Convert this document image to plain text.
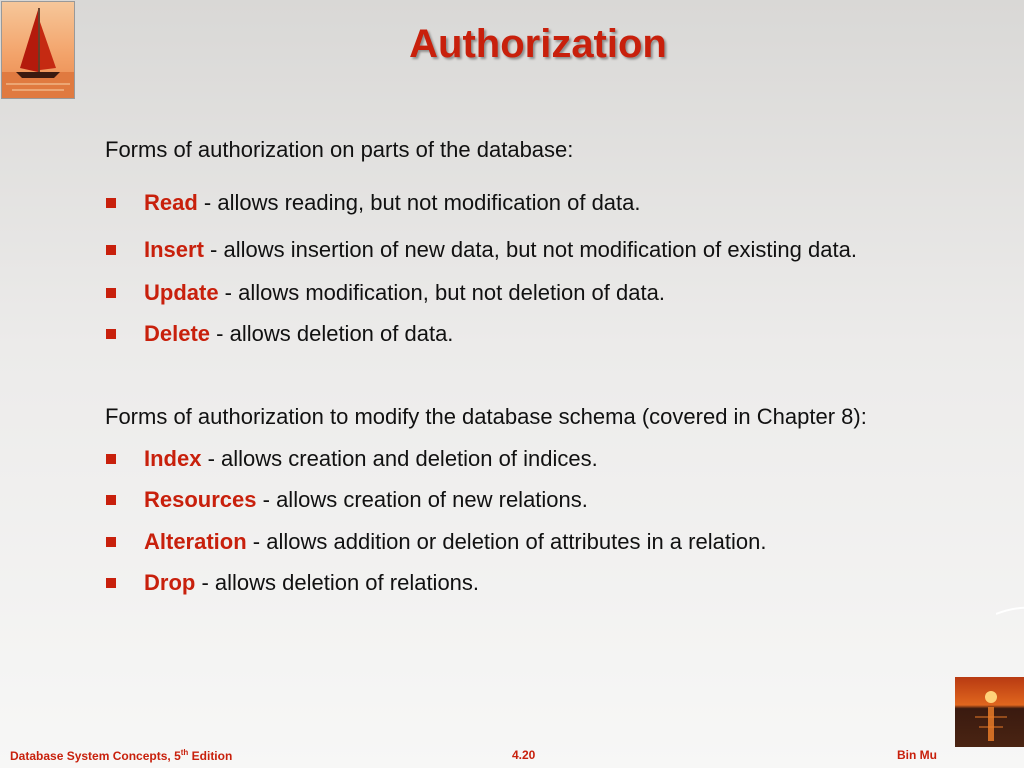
Authorization
Forms of authorization on parts of the database:
Read - allows reading, but not modification of data.
Insert - allows insertion of new data, but not modification of existing data.
Update - allows modification, but not deletion of data.
Delete - allows deletion of data.
Forms of authorization to modify the database schema (covered in Chapter 8):
Index - allows creation and deletion of indices.
Resources - allows creation of new relations.
Alteration - allows addition or deletion of attributes in a relation.
Drop - allows deletion of relations.
Database System Concepts, 5th Edition	4.20	Bin Mu
